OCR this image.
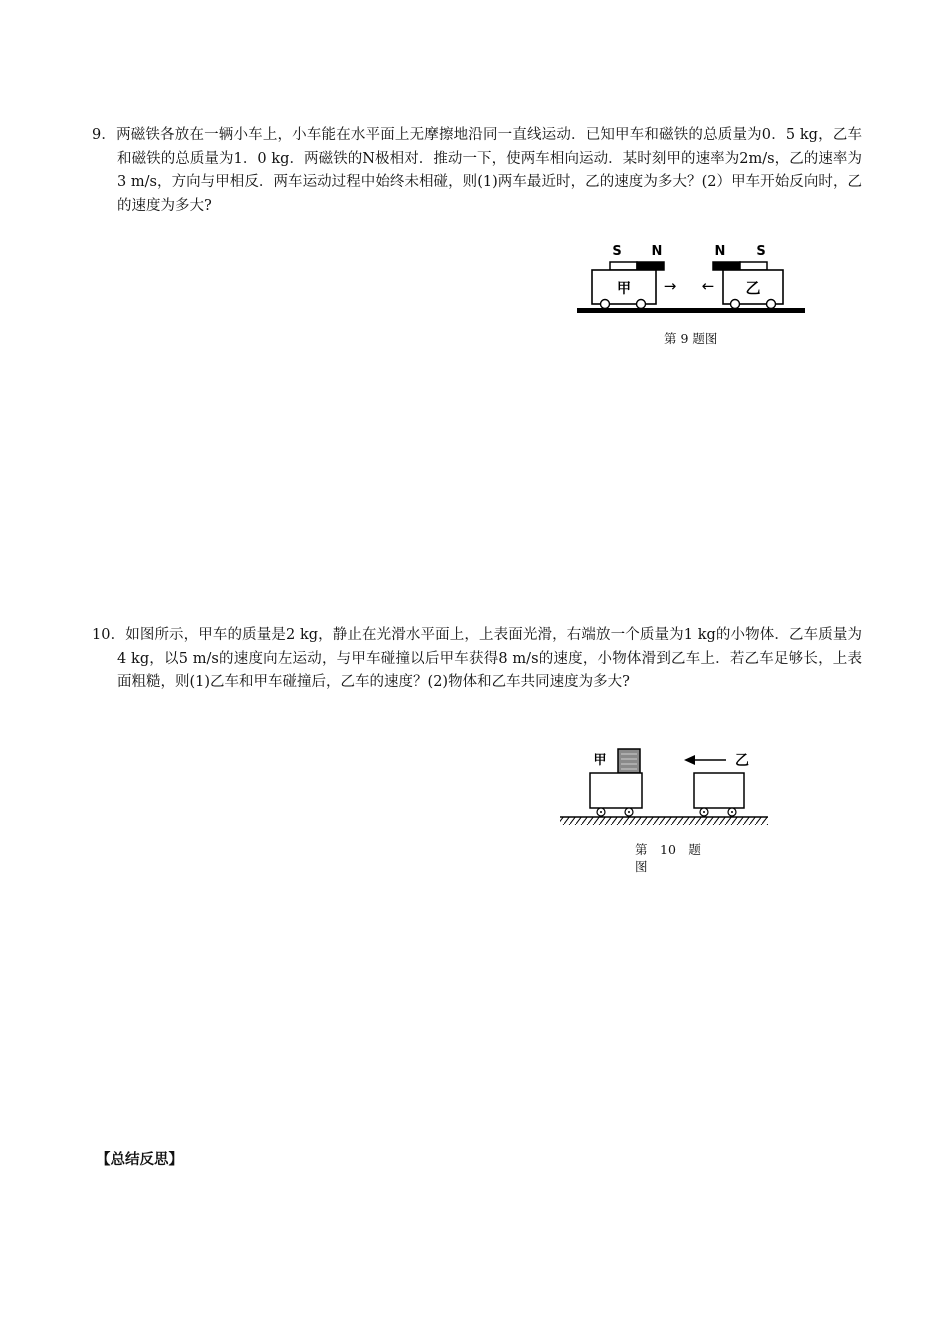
9．两磁铁各放在一辆小车上，小车能在水平面上无摩擦地沿同一直线运动．已知甲车和磁铁的总质量为0．5 kg，乙车和磁铁的总质量为1．0 kg．两磁铁的N极相对．推动一下，使两车相向运动．某时刻甲的速率为2m/s，乙的速率为3 m/s，方向与甲相反．两车运动过程中始终未相碰，则(1)两车最近时，乙的速度为多大？(2）甲车开始反向时，乙的速度为多大?

S N	N S
甲	乙
→ ←
第 9 题图

10．如图所示，甲车的质量是2 kg，静止在光滑水平面上，上表面光滑，右端放一个质量为1 kg的小物体．乙车质量为4 kg，以5 m/s的速度向左运动，与甲车碰撞以后甲车获得8 m/s的速度，小物体滑到乙车上．若乙车足够长，上表面粗糙，则(1)乙车和甲车碰撞后，乙车的速度？(2)物体和乙车共同速度为多大?

甲	乙
第　10　题
图
【总结反思】
